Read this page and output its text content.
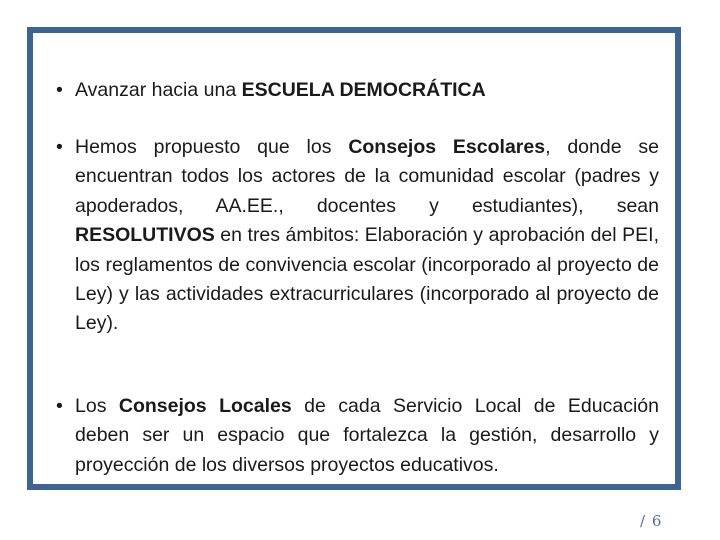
• Avanzar hacia una ESCUELA DEMOCRÁTICA
• Hemos propuesto que los Consejos Escolares, donde se encuentran todos los actores de la comunidad escolar (padres y apoderados, AA.EE., docentes y estudiantes), sean RESOLUTIVOS en tres ámbitos: Elaboración y aprobación del PEI, los reglamentos de convivencia escolar (incorporado al proyecto de Ley) y las actividades extracurriculares (incorporado al proyecto de Ley).
• Los Consejos Locales de cada Servicio Local de Educación deben ser un espacio que fortalezca la gestión, desarrollo y proyección de los diversos proyectos educativos.
/ 6
